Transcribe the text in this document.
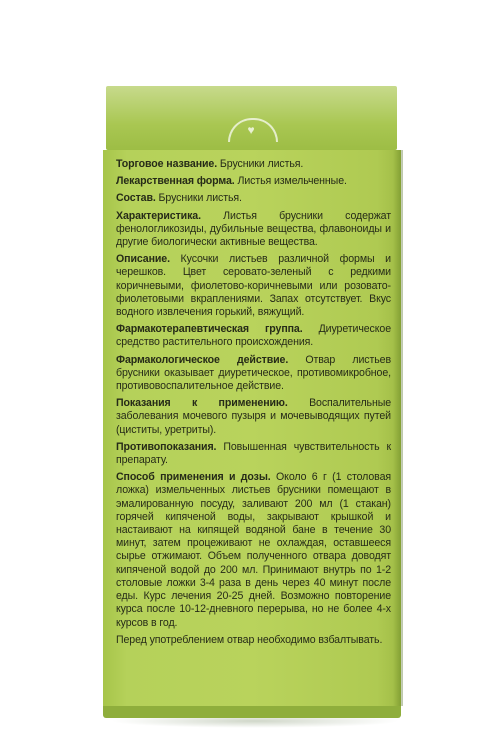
♥

Торговое название. Брусники листья.

Лекарственная форма. Листья измельченные.

Состав. Брусники листья.

Характеристика. Листья брусники содержат фенологликозиды, дубильные вещества, флавоноиды и другие биологически активные вещества.

Описание. Кусочки листьев различной формы и черешков. Цвет серовато-зеленый с редкими коричневыми, фиолетово-коричневыми или розовато-фиолетовыми вкраплениями. Запах отсутствует. Вкус водного извлечения горький, вяжущий.

Фармакотерапевтическая группа. Диуретическое средство растительного происхождения.

Фармакологическое действие. Отвар листьев брусники оказывает диуретическое, противомикробное, противовоспалительное действие.

Показания к применению. Воспалительные заболевания мочевого пузыря и мочевыводящих путей (циститы, уретриты).

Противопоказания. Повышенная чувствительность к препарату.

Способ применения и дозы. Около 6 г (1 столовая ложка) измельченных листьев брусники помещают в эмалированную посуду, заливают 200 мл (1 стакан) горячей кипяченой воды, закрывают крышкой и настаивают на кипящей водяной бане в течение 30 минут, затем процеживают не охлаждая, оставшееся сырье отжимают. Объем полученного отвара доводят кипяченой водой до 200 мл. Принимают внутрь по 1-2 столовые ложки 3-4 раза в день через 40 минут после еды. Курс лечения 20-25 дней. Возможно повторение курса после 10-12-дневного перерыва, но не более 4-х курсов в год.

Перед употреблением отвар необходимо взбалтывать.
